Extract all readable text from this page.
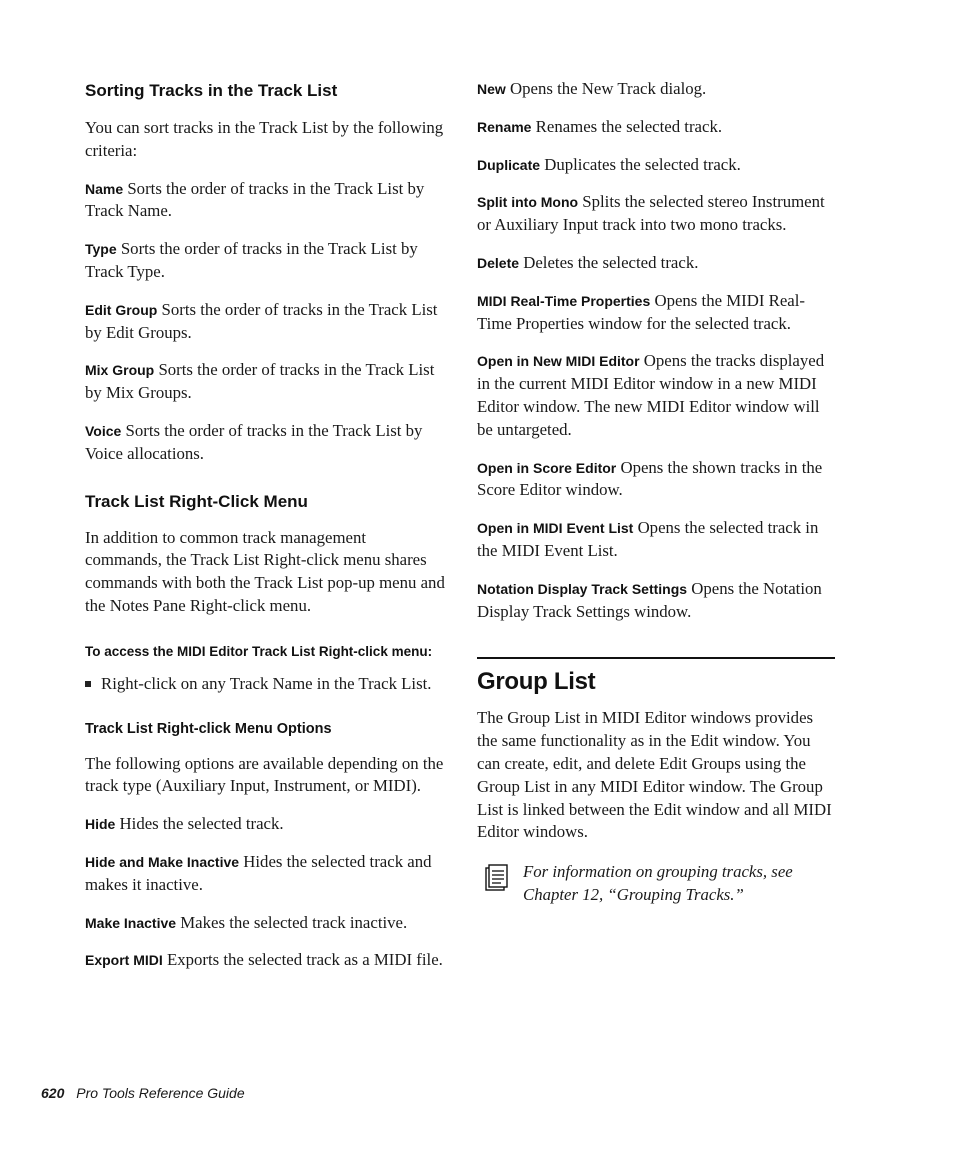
Sorting Tracks in the Track List

You can sort tracks in the Track List by the following criteria:

Name Sorts the order of tracks in the Track List by Track Name.

Type Sorts the order of tracks in the Track List by Track Type.

Edit Group Sorts the order of tracks in the Track List by Edit Groups.

Mix Group Sorts the order of tracks in the Track List by Mix Groups.

Voice Sorts the order of tracks in the Track List by Voice allocations.

Track List Right-Click Menu

In addition to common track management commands, the Track List Right-click menu shares commands with both the Track List pop-up menu and the Notes Pane Right-click menu.

To access the MIDI Editor Track List Right-click menu:

Right-click on any Track Name in the Track List.

Track List Right-click Menu Options

The following options are available depending on the track type (Auxiliary Input, Instrument, or MIDI).

Hide Hides the selected track.

Hide and Make Inactive Hides the selected track and makes it inactive.

Make Inactive Makes the selected track inactive.

Export MIDI Exports the selected track as a MIDI file.

New Opens the New Track dialog.

Rename Renames the selected track.

Duplicate Duplicates the selected track.

Split into Mono Splits the selected stereo Instrument or Auxiliary Input track into two mono tracks.

Delete Deletes the selected track.

MIDI Real-Time Properties Opens the MIDI Real-Time Properties window for the selected track.

Open in New MIDI Editor Opens the tracks displayed in the current MIDI Editor window in a new MIDI Editor window. The new MIDI Editor window will be untargeted.

Open in Score Editor Opens the shown tracks in the Score Editor window.

Open in MIDI Event List Opens the selected track in the MIDI Event List.

Notation Display Track Settings Opens the Notation Display Track Settings window.

Group List

The Group List in MIDI Editor windows provides the same functionality as in the Edit window. You can create, edit, and delete Edit Groups using the Group List in any MIDI Editor window. The Group List is linked between the Edit window and all MIDI Editor windows.

For information on grouping tracks, see Chapter 12, “Grouping Tracks.”

620 Pro Tools Reference Guide
